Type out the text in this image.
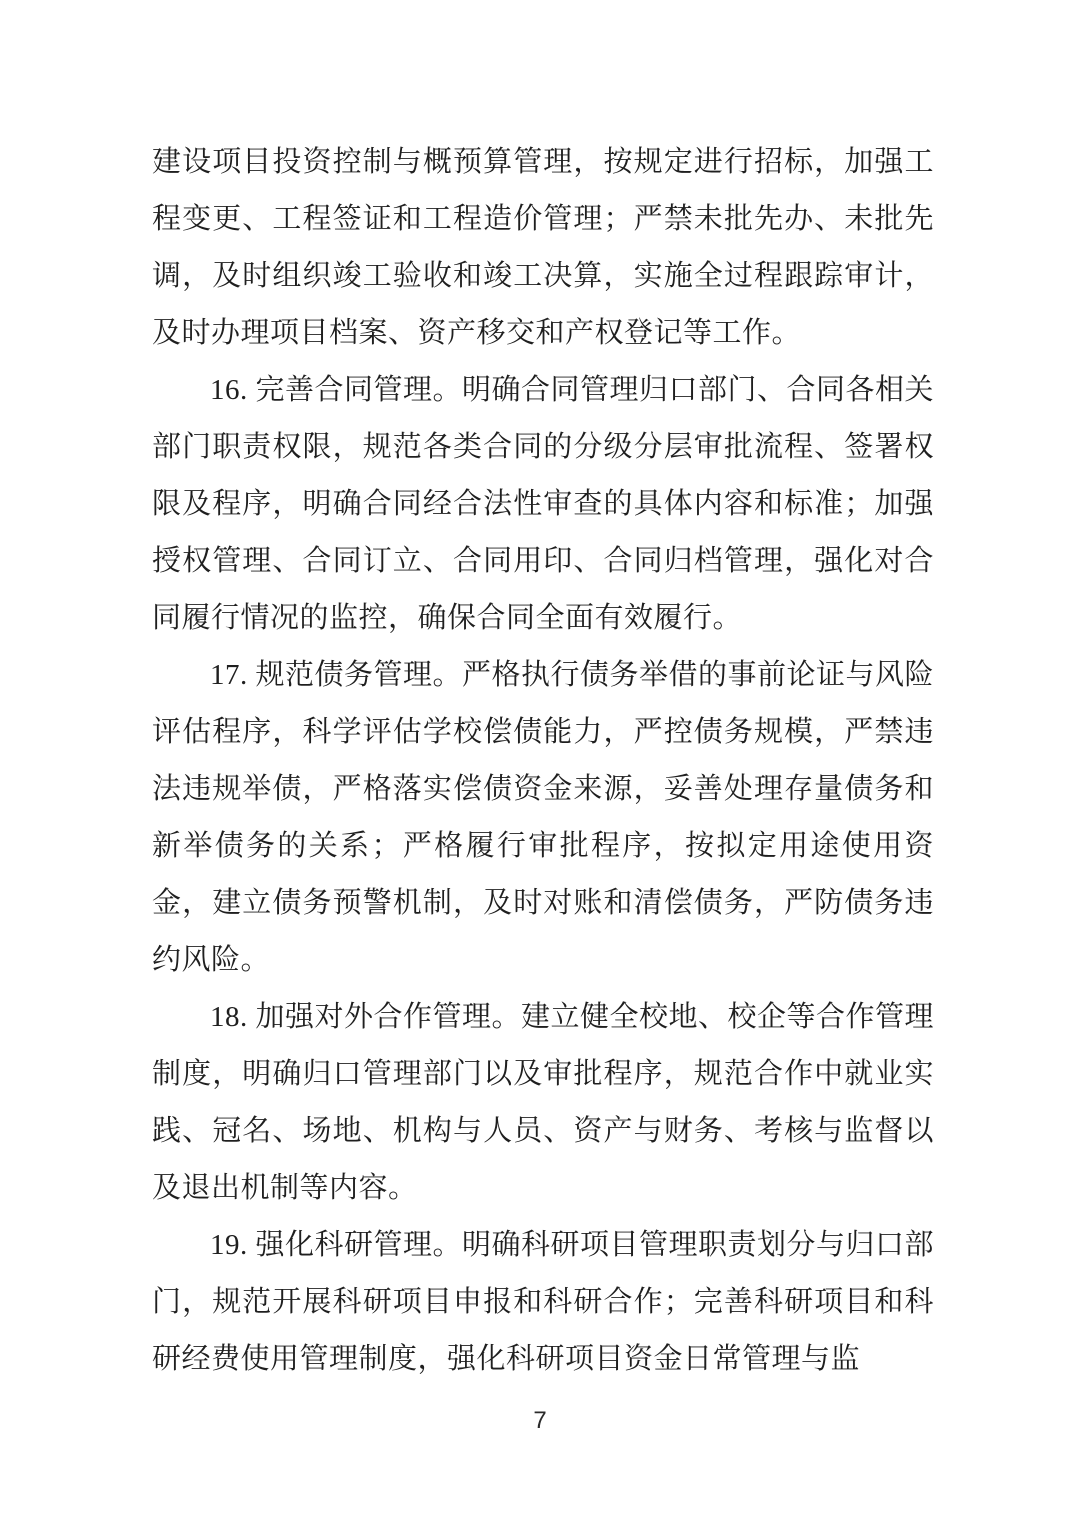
建设项目投资控制与概预算管理，按规定进行招标，加强工程变更、工程签证和工程造价管理；严禁未批先办、未批先调，及时组织竣工验收和竣工决算，实施全过程跟踪审计，及时办理项目档案、资产移交和产权登记等工作。

16. 完善合同管理。明确合同管理归口部门、合同各相关部门职责权限，规范各类合同的分级分层审批流程、签署权限及程序，明确合同经合法性审查的具体内容和标准；加强授权管理、合同订立、合同用印、合同归档管理，强化对合同履行情况的监控，确保合同全面有效履行。

17. 规范债务管理。严格执行债务举借的事前论证与风险评估程序，科学评估学校偿债能力，严控债务规模，严禁违法违规举债，严格落实偿债资金来源，妥善处理存量债务和新举债务的关系；严格履行审批程序，按拟定用途使用资金，建立债务预警机制，及时对账和清偿债务，严防债务违约风险。

18. 加强对外合作管理。建立健全校地、校企等合作管理制度，明确归口管理部门以及审批程序，规范合作中就业实践、冠名、场地、机构与人员、资产与财务、考核与监督以及退出机制等内容。

19. 强化科研管理。明确科研项目管理职责划分与归口部门，规范开展科研项目申报和科研合作；完善科研项目和科研经费使用管理制度，强化科研项目资金日常管理与监

7
